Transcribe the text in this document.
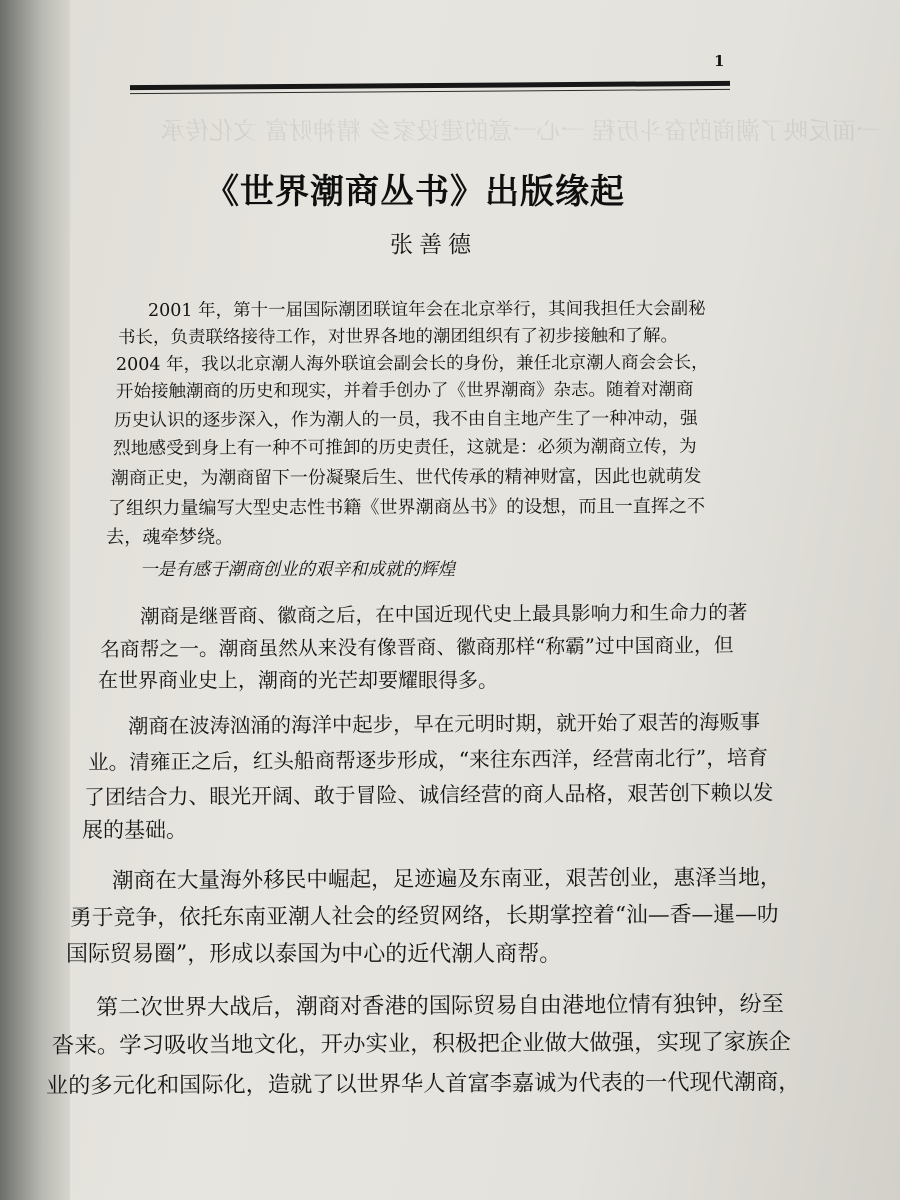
一面反映了潮商的奋斗历程 一心一意的建设家乡 精神财富 文化传承
1
《世界潮商丛书》出版缘起
张善德
2001 年，第十一届国际潮团联谊年会在北京举行，其间我担任大会副秘
书长，负责联络接待工作，对世界各地的潮团组织有了初步接触和了解。
2004 年，我以北京潮人海外联谊会副会长的身份，兼任北京潮人商会会长，
开始接触潮商的历史和现实，并着手创办了《世界潮商》杂志。随着对潮商
历史认识的逐步深入，作为潮人的一员，我不由自主地产生了一种冲动，强
烈地感受到身上有一种不可推卸的历史责任，这就是：必须为潮商立传，为
潮商正史，为潮商留下一份凝聚后生、世代传承的精神财富，因此也就萌发
了组织力量编写大型史志性书籍《世界潮商丛书》的设想，而且一直挥之不
去，魂牵梦绕。
一是有感于潮商创业的艰辛和成就的辉煌
潮商是继晋商、徽商之后，在中国近现代史上最具影响力和生命力的著
名商帮之一。潮商虽然从来没有像晋商、徽商那样“称霸”过中国商业，但
在世界商业史上，潮商的光芒却要耀眼得多。
潮商在波涛汹涌的海洋中起步，早在元明时期，就开始了艰苦的海贩事
业。清雍正之后，红头船商帮逐步形成，“来往东西洋，经营南北行”，培育
了团结合力、眼光开阔、敢于冒险、诚信经营的商人品格，艰苦创下赖以发
展的基础。
潮商在大量海外移民中崛起，足迹遍及东南亚，艰苦创业，惠泽当地，
勇于竞争，依托东南亚潮人社会的经贸网络，长期掌控着“汕—香—暹—叻
国际贸易圈”，形成以泰国为中心的近代潮人商帮。
第二次世界大战后，潮商对香港的国际贸易自由港地位情有独钟，纷至
沓来。学习吸收当地文化，开办实业，积极把企业做大做强，实现了家族企
业的多元化和国际化，造就了以世界华人首富李嘉诚为代表的一代现代潮商，
